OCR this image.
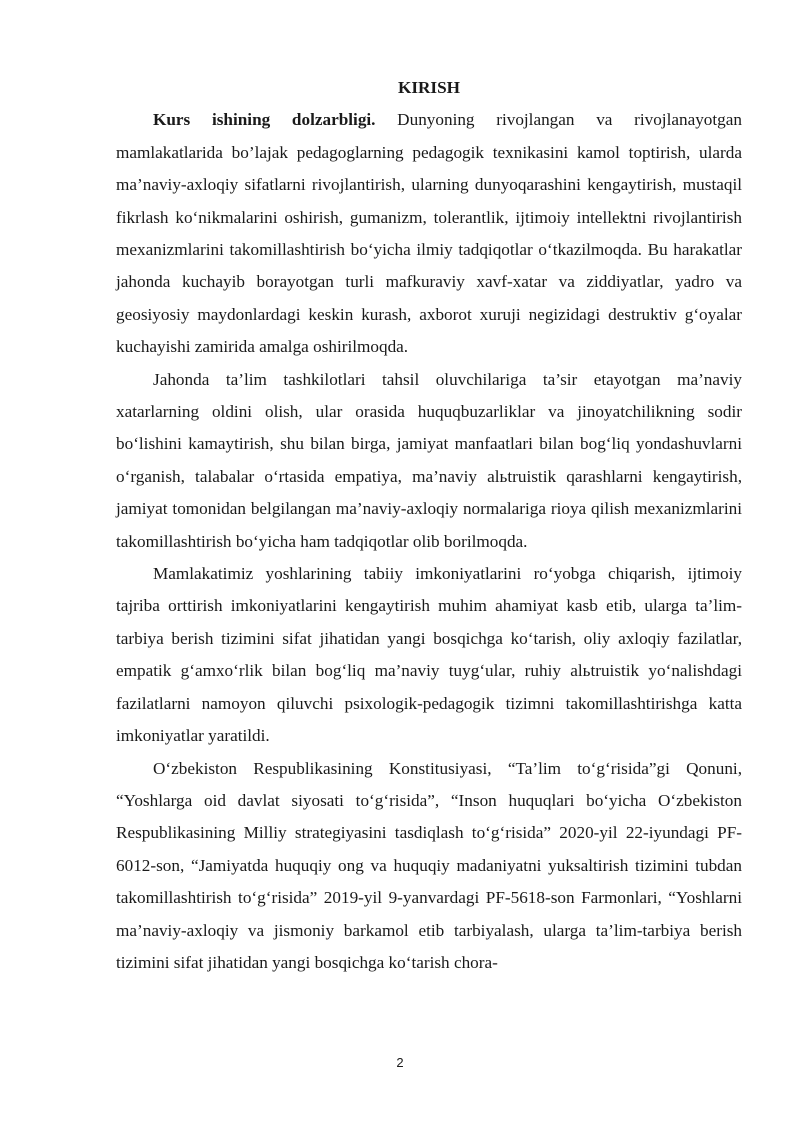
KIRISH

Kurs ishining dolzarbligi. Dunyoning rivojlangan va rivojlanayotgan mamlakatlarida bo’lajak pedagoglarning pedagogik texnikasini kamol toptirish, ularda ma’naviy-axloqiy sifatlarni rivojlantirish, ularning dunyoqarashini kengaytirish, mustaqil fikrlash ko‘nikmalarini oshirish, gumanizm, tolerantlik, ijtimoiy intellektni rivojlantirish mexanizmlarini takomillashtirish bo‘yicha ilmiy tadqiqotlar o‘tkazilmoqda. Bu harakatlar jahonda kuchayib borayotgan turli mafkuraviy xavf-xatar va ziddiyatlar, yadro va geosiyosiy maydonlardagi keskin kurash, axborot xuruji negizidagi destruktiv g‘oyalar kuchayishi zamirida amalga oshirilmoqda.

Jahonda ta’lim tashkilotlari tahsil oluvchilariga ta’sir etayotgan ma’naviy xatarlarning oldini olish, ular orasida huquqbuzarliklar va jinoyatchilikning sodir bo‘lishini kamaytirish, shu bilan birga, jamiyat manfaatlari bilan bog‘liq yondashuvlarni o‘rganish, talabalar o‘rtasida empatiya, ma’naviy alьtruistik qarashlarni kengaytirish, jamiyat tomonidan belgilangan ma’naviy-axloqiy normalariga rioya qilish mexanizmlarini takomillashtirish bo‘yicha ham tadqiqotlar olib borilmoqda.

Mamlakatimiz yoshlarining tabiiy imkoniyatlarini ro‘yobga chiqarish, ijtimoiy tajriba orttirish imkoniyatlarini kengaytirish muhim ahamiyat kasb etib, ularga ta’lim-tarbiya berish tizimini sifat jihatidan yangi bosqichga ko‘tarish, oliy axloqiy fazilatlar, empatik g‘amxo‘rlik bilan bog‘liq ma’naviy tuyg‘ular, ruhiy alьtruistik yo‘nalishdagi fazilatlarni namoyon qiluvchi psixologik-pedagogik tizimni takomillashtirishga katta imkoniyatlar yaratildi.

O‘zbekiston Respublikasining Konstitusiyasi, “Ta’lim to‘g‘risida”gi Qonuni, “Yoshlarga oid davlat siyosati to‘g‘risida”, “Inson huquqlari bo‘yicha O‘zbekiston Respublikasining Milliy strategiyasini tasdiqlash to‘g‘risida” 2020-yil 22-iyundagi PF-6012-son, “Jamiyatda huquqiy ong va huquqiy madaniyatni yuksaltirish tizimini tubdan takomillashtirish to‘g‘risida” 2019-yil 9-yanvardagi PF-5618-son Farmonlari, “Yoshlarni ma’naviy-axloqiy va jismoniy barkamol etib tarbiyalash, ularga ta’lim-tarbiya berish tizimini sifat jihatidan yangi bosqichga ko‘tarish chora-

2
